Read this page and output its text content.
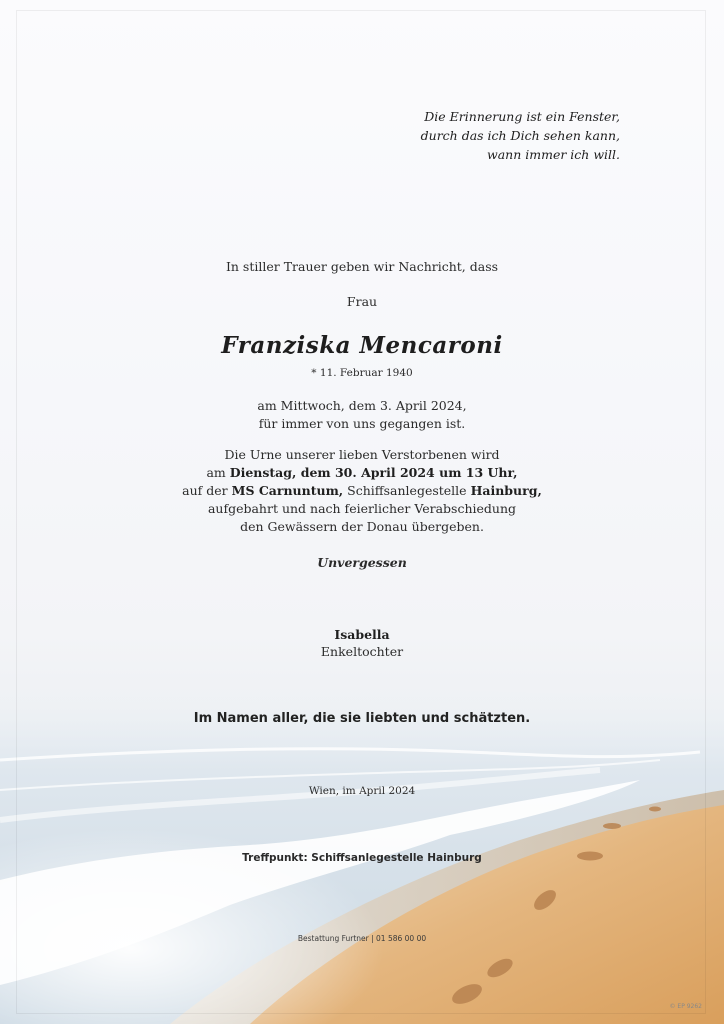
Die Erinnerung ist ein Fenster,
durch das ich Dich sehen kann,
wann immer ich will.
In stiller Trauer geben wir Nachricht, dass
Frau
Franziska Mencaroni
* 11. Februar 1940
am Mittwoch, dem 3. April 2024,
für immer von uns gegangen ist.
Die Urne unserer lieben Verstorbenen wird
am Dienstag, dem 30. April 2024 um 13 Uhr,
auf der MS Carnuntum, Schiffsanlegestelle Hainburg,
aufgebahrt und nach feierlicher Verabschiedung
den Gewässern der Donau übergeben.
Unvergessen
Isabella
Enkeltochter
Im Namen aller, die sie liebten und schätzten.
Wien, im April 2024
Treffpunkt: Schiffsanlegestelle Hainburg
Bestattung Furtner | 01 586 00 00
© EP 9262
